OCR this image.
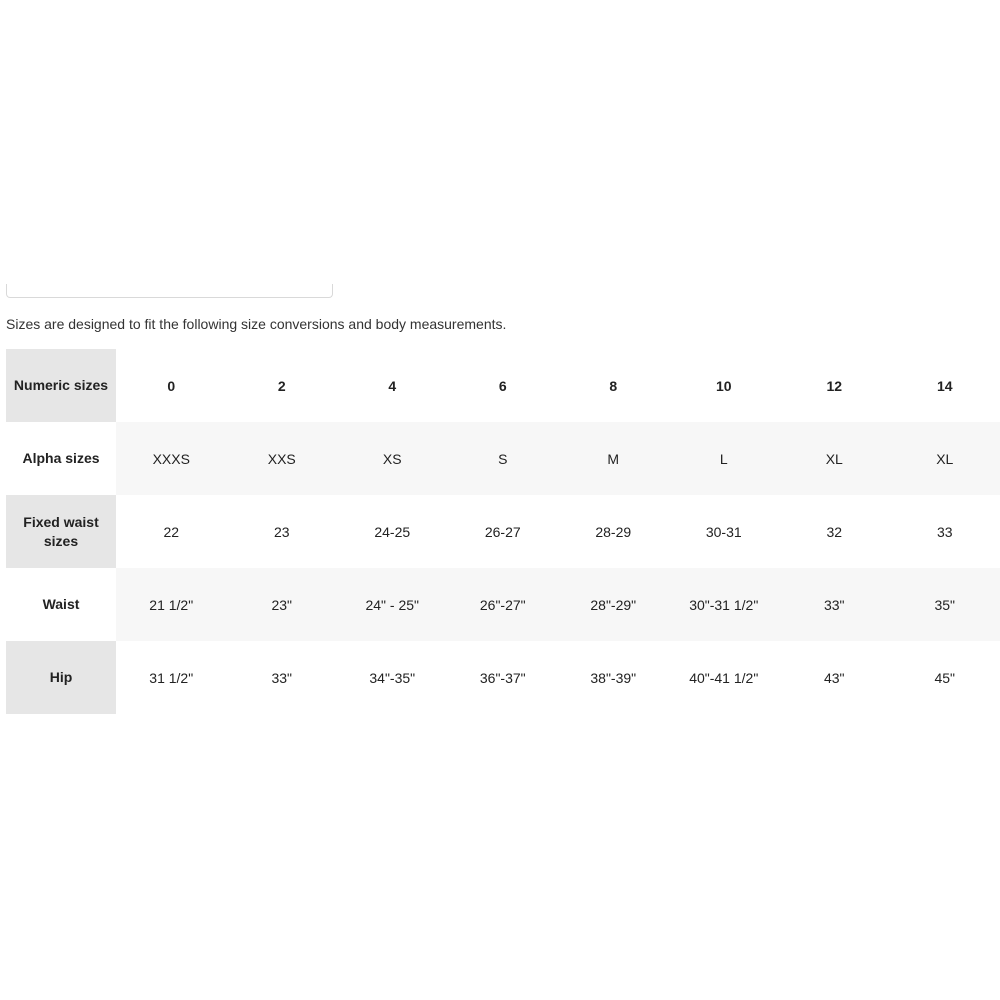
Sizes are designed to fit the following size conversions and body measurements.
Numeric sizes	0	2	4	6	8	10	12	14
Alpha sizes	XXXS	XXS	XS	S	M	L	XL	XL
Fixed waist sizes	22	23	24-25	26-27	28-29	30-31	32	33
Waist	21 1/2"	23"	24" - 25"	26"-27"	28"-29"	30"-31 1/2"	33"	35"
Hip	31 1/2"	33"	34"-35"	36"-37"	38"-39"	40"-41 1/2"	43"	45"
